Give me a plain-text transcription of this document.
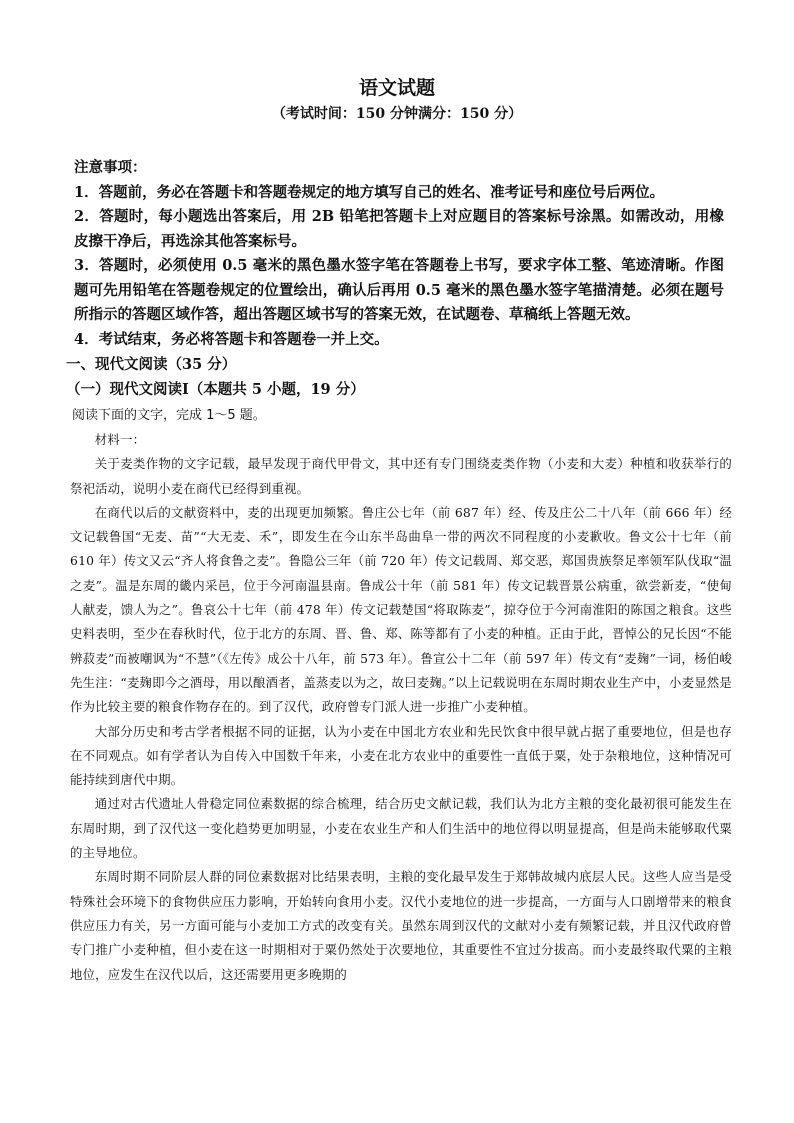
语文试题
（考试时间：150 分钟满分：150 分）

注意事项：

1．答题前，务必在答题卡和答题卷规定的地方填写自己的姓名、准考证号和座位号后两位。

2．答题时，每小题选出答案后，用 2B 铅笔把答题卡上对应题目的答案标号涂黑。如需改动，用橡皮擦干净后，再选涂其他答案标号。

3．答题时，必须使用 0.5 毫米的黑色墨水签字笔在答题卷上书写，要求字体工整、笔迹清晰。作图题可先用铅笔在答题卷规定的位置绘出，确认后再用 0.5 毫米的黑色墨水签字笔描清楚。必须在题号所指示的答题区域作答，超出答题区域书写的答案无效，在试题卷、草稿纸上答题无效。

4．考试结束，务必将答题卡和答题卷一并上交。

一、现代文阅读（35 分）
（一）现代文阅读Ⅰ（本题共 5 小题，19 分）
阅读下面的文字，完成 1～5 题。

材料一：

关于麦类作物的文字记载，最早发现于商代甲骨文，其中还有专门围绕麦类作物（小麦和大麦）种植和收获举行的祭祀活动，说明小麦在商代已经得到重视。

在商代以后的文献资料中，麦的出现更加频繁。鲁庄公七年（前 687 年）经、传及庄公二十八年（前 666 年）经文记载鲁国“无麦、苗”“大无麦、禾”，即发生在今山东半岛曲阜一带的两次不同程度的小麦歉收。鲁文公十七年（前 610 年）传文又云“齐人将食鲁之麦”。鲁隐公三年（前 720 年）传文记载周、郑交恶，郑国贵族祭足率领军队伐取“温之麦”。温是东周的畿内采邑，位于今河南温县南。鲁成公十年（前 581 年）传文记载晋景公病重，欲尝新麦，“使甸人献麦，馈人为之”。鲁哀公十七年（前 478 年）传文记载楚国“将取陈麦”，掠夺位于今河南淮阳的陈国之粮食。这些史料表明，至少在春秋时代，位于北方的东周、晋、鲁、郑、陈等都有了小麦的种植。正由于此，晋悼公的兄长因“不能辨菽麦”而被嘲讽为“不慧”（《左传》成公十八年，前 573 年）。鲁宣公十二年（前 597 年）传文有“麦麹”一词，杨伯峻先生注：“麦麹即今之酒母，用以酿酒者，盖蒸麦以为之，故曰麦麹。”以上记载说明在东周时期农业生产中，小麦显然是作为比较主要的粮食作物存在的。到了汉代，政府曾专门派人进一步推广小麦种植。

大部分历史和考古学者根据不同的证据，认为小麦在中国北方农业和先民饮食中很早就占据了重要地位，但是也存在不同观点。如有学者认为自传入中国数千年来，小麦在北方农业中的重要性一直低于粟，处于杂粮地位，这种情况可能持续到唐代中期。

通过对古代遗址人骨稳定同位素数据的综合梳理，结合历史文献记载，我们认为北方主粮的变化最初很可能发生在东周时期，到了汉代这一变化趋势更加明显，小麦在农业生产和人们生活中的地位得以明显提高，但是尚未能够取代粟的主导地位。

东周时期不同阶层人群的同位素数据对比结果表明，主粮的变化最早发生于郑韩故城内底层人民。这些人应当是受特殊社会环境下的食物供应压力影响，开始转向食用小麦。汉代小麦地位的进一步提高，一方面与人口剧增带来的粮食供应压力有关，另一方面可能与小麦加工方式的改变有关。虽然东周到汉代的文献对小麦有频繁记载，并且汉代政府曾专门推广小麦种植，但小麦在这一时期相对于粟仍然处于次要地位，其重要性不宜过分拔高。而小麦最终取代粟的主粮地位，应发生在汉代以后，这还需要用更多晚期的
